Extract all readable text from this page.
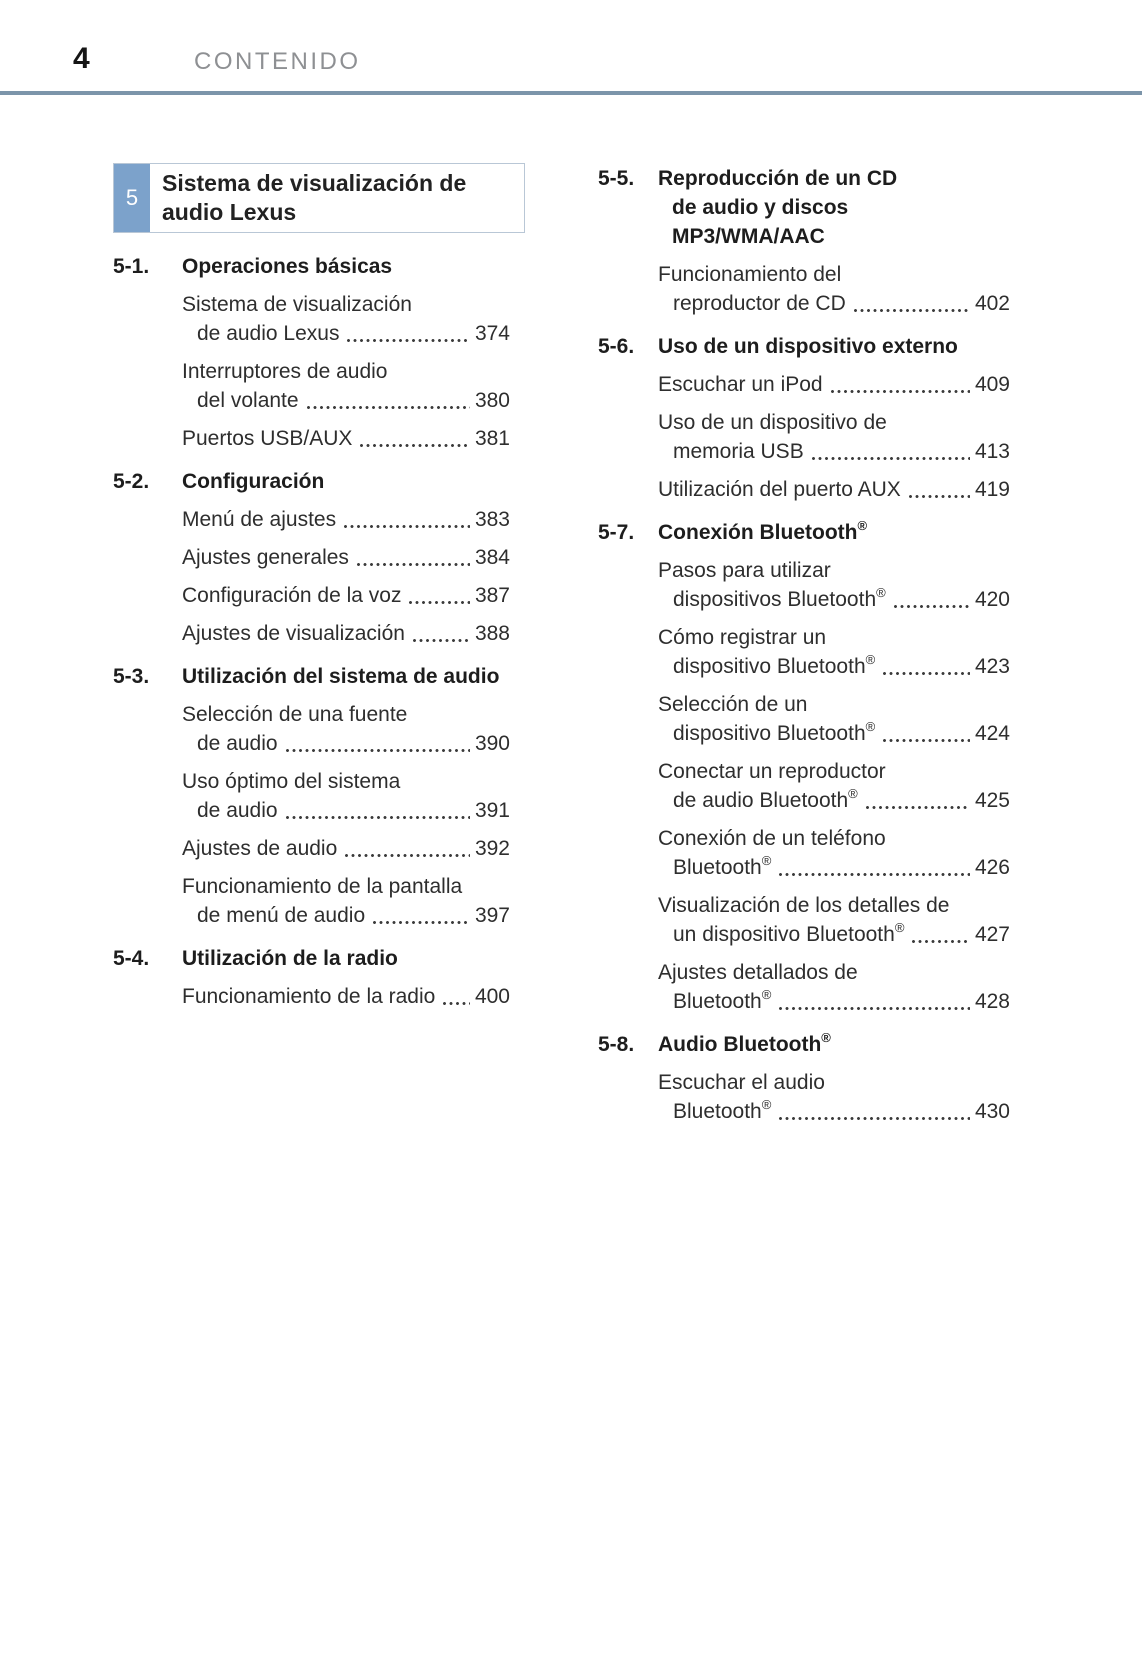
4	CONTENIDO
5
Sistema de visualización de audio Lexus
5-1.	Operaciones básicas
Sistema de visualización
de audio Lexus	374
Interruptores de audio
del volante	380
Puertos USB/AUX	381
5-2.	Configuración
Menú de ajustes	383
Ajustes generales	384
Configuración de la voz	387
Ajustes de visualización	388
5-3.	Utilización del sistema de audio
Selección de una fuente
de audio	390
Uso óptimo del sistema
de audio	391
Ajustes de audio	392
Funcionamiento de la pantalla
de menú de audio	397
5-4.	Utilización de la radio
Funcionamiento de la radio 400
5-5.	Reproducción de un CD
de audio y discos
MP3/WMA/AAC
Funcionamiento del
reproductor de CD	402
5-6.	Uso de un dispositivo externo
Escuchar un iPod	409
Uso de un dispositivo de
memoria USB	413
Utilización del puerto AUX	419
5-7.	Conexión Bluetooth®
Pasos para utilizar
dispositivos Bluetooth®	420
Cómo registrar un
dispositivo Bluetooth®	423
Selección de un
dispositivo Bluetooth®	424
Conectar un reproductor
de audio Bluetooth®	425
Conexión de un teléfono
Bluetooth®	426
Visualización de los detalles de
un dispositivo Bluetooth®	427
Ajustes detallados de
Bluetooth®	428
5-8.	Audio Bluetooth®
Escuchar el audio
Bluetooth®	430
